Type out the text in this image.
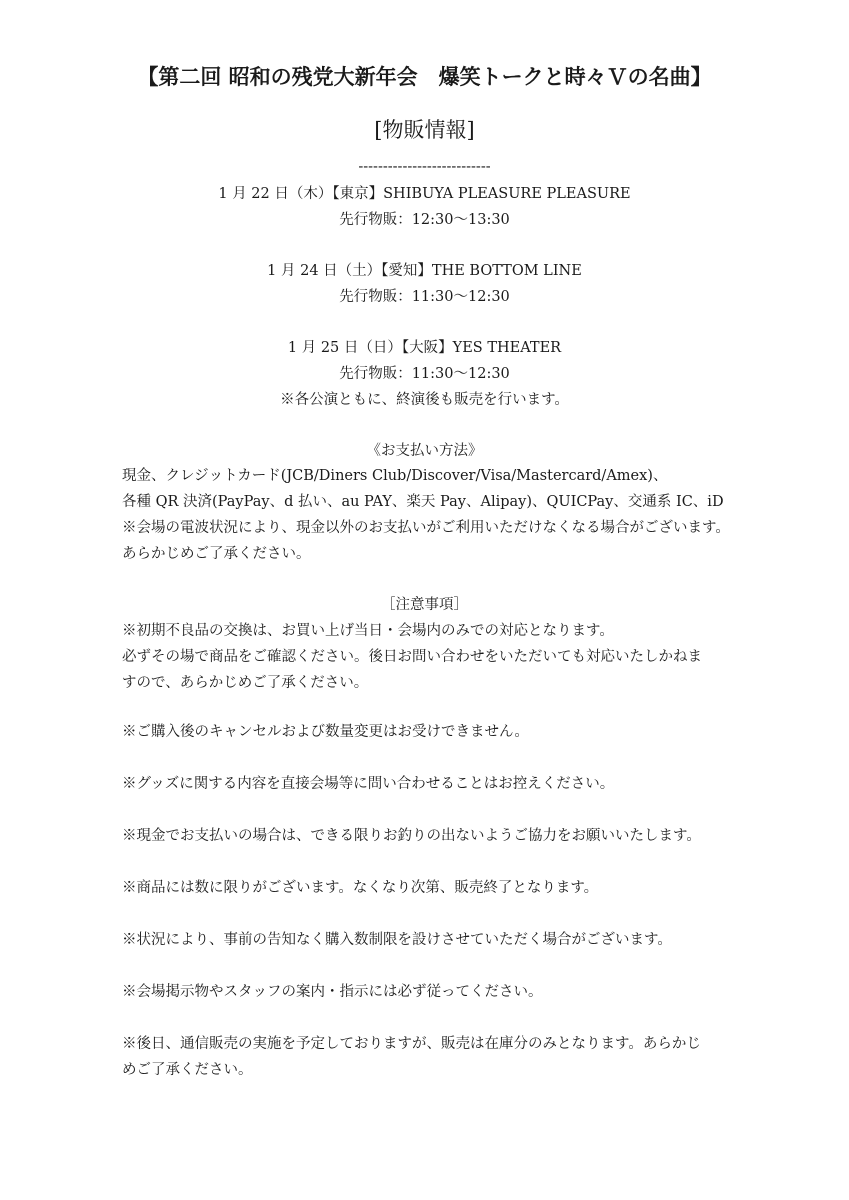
【第二回 昭和の残党大新年会　爆笑トークと時々Ｖの名曲】
[物販情報]
---------------------------
1 月 22 日（木）【東京】SHIBUYA PLEASURE PLEASURE
先行物販：12:30〜13:30
1 月 24 日（土）【愛知】THE BOTTOM LINE
先行物販：11:30〜12:30
1 月 25 日（日）【大阪】YES THEATER
先行物販：11:30〜12:30
※各公演ともに、終演後も販売を行います。
《お支払い方法》
現金、クレジットカード(JCB/Diners Club/Discover/Visa/Mastercard/Amex)、
各種 QR 決済(PayPay、d 払い、au PAY、楽天 Pay、Alipay)、QUICPay、交通系 IC、iD
※会場の電波状況により、現金以外のお支払いがご利用いただけなくなる場合がございます。
あらかじめご了承ください。
［注意事項］
※初期不良品の交換は、お買い上げ当日・会場内のみでの対応となります。
必ずその場で商品をご確認ください。後日お問い合わせをいただいても対応いたしかねま
すので、あらかじめご了承ください。
※ご購入後のキャンセルおよび数量変更はお受けできません。
※グッズに関する内容を直接会場等に問い合わせることはお控えください。
※現金でお支払いの場合は、できる限りお釣りの出ないようご協力をお願いいたします。
※商品には数に限りがございます。なくなり次第、販売終了となります。
※状況により、事前の告知なく購入数制限を設けさせていただく場合がございます。
※会場掲示物やスタッフの案内・指示には必ず従ってください。
※後日、通信販売の実施を予定しておりますが、販売は在庫分のみとなります。あらかじ
めご了承ください。
